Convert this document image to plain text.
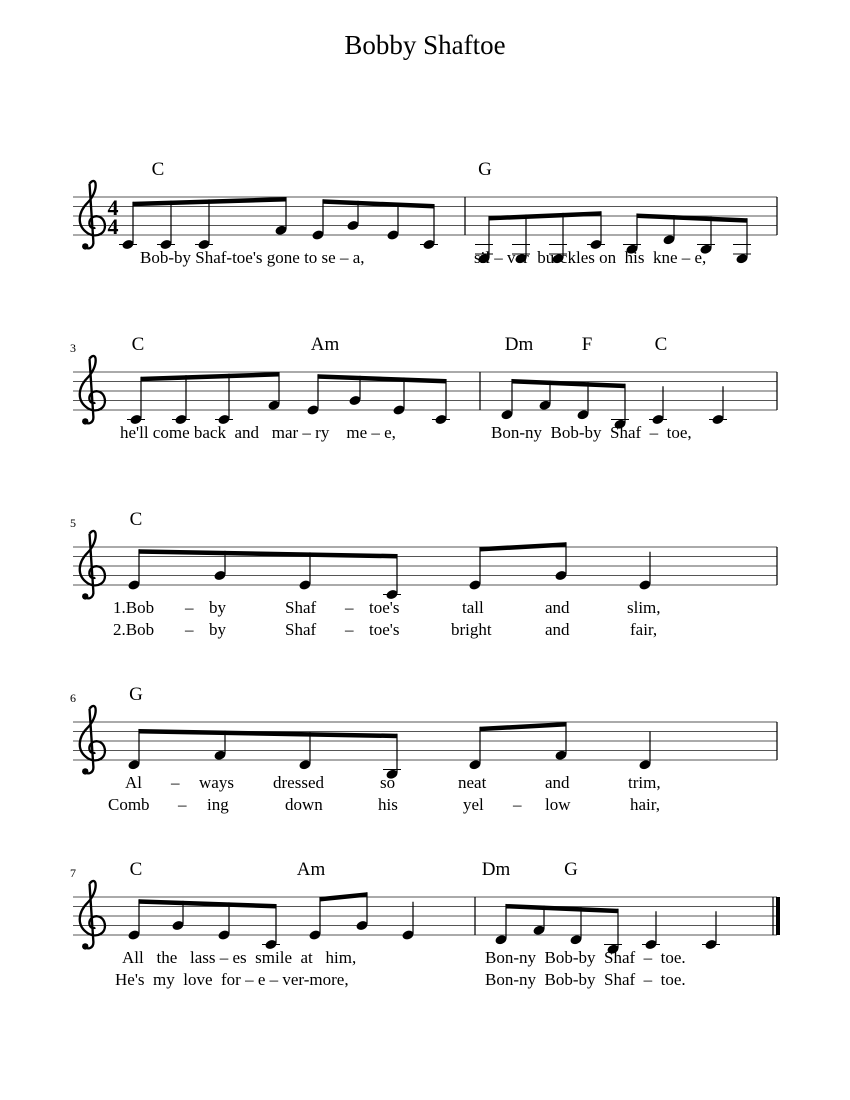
Bobby Shaftoe
4
4
C	G
Bob-by Shaf-toe's gone to se – a,	sil – ver  bu-ckles on  his  kne – e,
3	C	Am	Dm	F	C
he'll come back  and   mar – ry    me – e,	Bon-ny  Bob-by  Shaf  –  toe,
5	C
1.Bob – by	Shaf – toe's	tall	and	slim,
2.Bob – by	Shaf – toe's	bright	and	fair,
6	G
Al – ways dressed	so	neat	and	trim,
Comb – ing	down	his	yel – low	hair,
7	C	Am	Dm	G
All   the   lass – es  smile  at   him,	Bon-ny  Bob-by  Shaf  –  toe.
He's  my  love  for – e – ver-more,	Bon-ny  Bob-by  Shaf  –  toe.
